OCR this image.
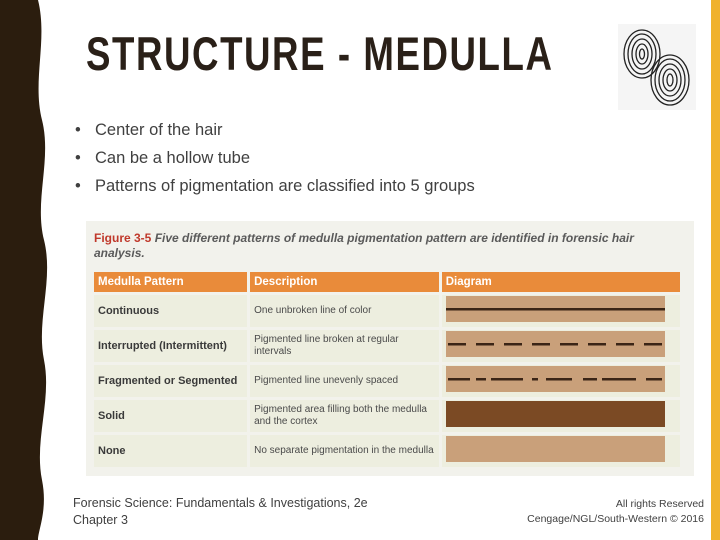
STRUCTURE - MEDULLA
• Center of the hair
• Can be a hollow tube
• Patterns of pigmentation are classified into 5 groups
Figure 3-5 Five different patterns of medulla pigmentation pattern are identified in forensic hair analysis.
Medulla Pattern	Description	Diagram
Continuous	One unbroken line of color	
Interrupted (Intermittent)	Pigmented line broken at regular intervals	
Fragmented or Segmented	Pigmented line unevenly spaced	
Solid	Pigmented area filling both the medulla and the cortex	
None	No separate pigmentation in the medulla	
Forensic Science: Fundamentals & Investigations, 2e
Chapter 3
All rights Reserved
Cengage/NGL/South-Western © 2016
